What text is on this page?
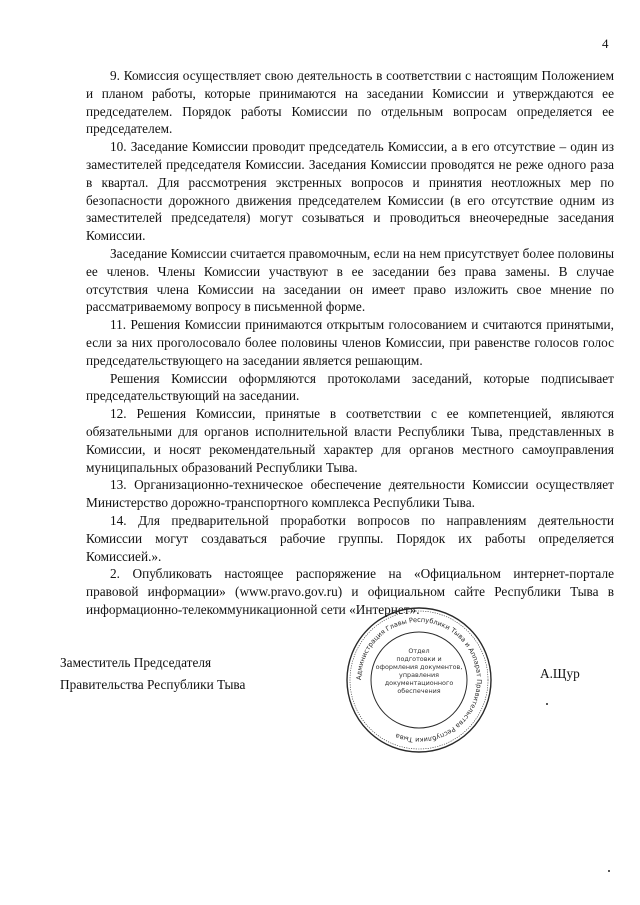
4

9. Комиссия осуществляет свою деятельность в соответствии с настоящим Положением и планом работы, которые принимаются на заседании Комиссии и утверждаются ее председателем. Порядок работы Комиссии по отдельным вопросам определяется ее председателем.

10. Заседание Комиссии проводит председатель Комиссии, а в его отсутствие – один из заместителей председателя Комиссии. Заседания Комиссии проводятся не реже одного раза в квартал. Для рассмотрения экстренных вопросов и принятия неотложных мер по безопасности дорожного движения председателем Комиссии (в его отсутствие одним из заместителей председателя) могут созываться и проводиться внеочередные заседания Комиссии.

Заседание Комиссии считается правомочным, если на нем присутствует более половины ее членов. Члены Комиссии участвуют в ее заседании без права замены. В случае отсутствия члена Комиссии на заседании он имеет право изложить свое мнение по рассматриваемому вопросу в письменной форме.

11. Решения Комиссии принимаются открытым голосованием и считаются принятыми, если за них проголосовало более половины членов Комиссии, при равенстве голосов голос председательствующего на заседании является решающим.

Решения Комиссии оформляются протоколами заседаний, которые подписывает председательствующий на заседании.

12. Решения Комиссии, принятые в соответствии с ее компетенцией, являются обязательными для органов исполнительной власти Республики Тыва, представленных в Комиссии, и носят рекомендательный характер для органов местного самоуправления муниципальных образований Республики Тыва.

13. Организационно-техническое обеспечение деятельности Комиссии осуществляет Министерство дорожно-транспортного комплекса Республики Тыва.

14. Для предварительной проработки вопросов по направлениям деятельности Комиссии могут создаваться рабочие группы. Порядок их работы определяется Комиссией.».

2. Опубликовать настоящее распоряжение на «Официальном интернет-портале правовой информации» (www.pravo.gov.ru) и официальном сайте Республики Тыва в информационно-телекоммуникационной сети «Интернет».

Заместитель Председателя
Правительства Республики Тыва	Администрация Главы Республики Тыва и Аппарат Правительства Республики Тыва
Отдел
подготовки и
оформления документов,
управления
документационного
обеспечения
А.Щур
